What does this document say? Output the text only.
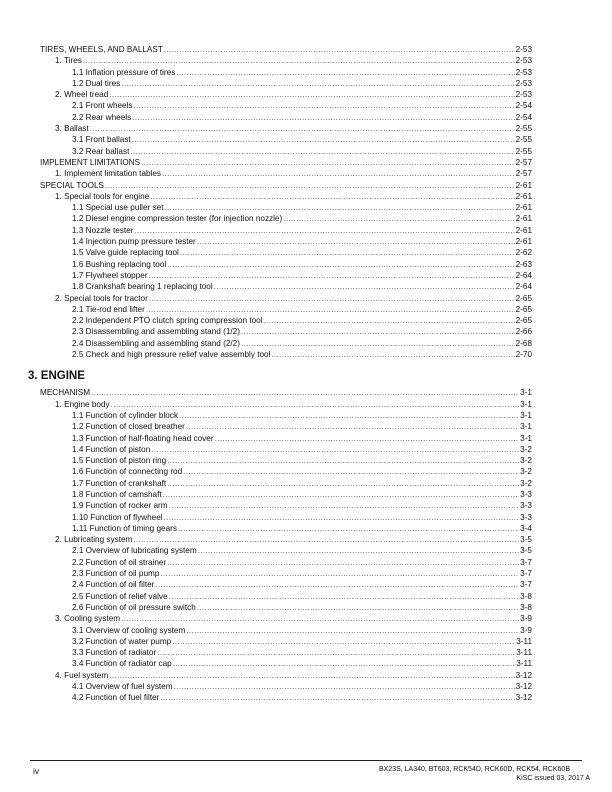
TIRES, WHEELS, AND BALLAST .....	2-53
1. Tires .....	2-53
1.1 Inflation pressure of tires .....	2-53
1.2 Dual tires .....	2-53
2. Wheel tread .....	2-53
2.1 Front wheels .....	2-54
2.2 Rear wheels .....	2-54
3. Ballast .....	2-55
3.1 Front ballast .....	2-55
3.2 Rear ballast .....	2-55
IMPLEMENT LIMITATIONS .....	2-57
1. Implement limitation tables .....	2-57
SPECIAL TOOLS .....	2-61
1. Special tools for engine .....	2-61
1.1 Special use puller set .....	2-61
1.2 Diesel engine compression tester (for injection nozzle) .....	2-61
1.3 Nozzle tester .....	2-61
1.4 Injection pump pressure tester .....	2-61
1.5 Valve guide replacing tool .....	2-62
1.6 Bushing replacing tool .....	2-63
1.7 Flywheel stopper .....	2-64
1.8 Crankshaft bearing 1 replacing tool .....	2-64
2. Special tools for tractor .....	2-65
2.1 Tie-rod end lifter .....	2-65
2.2 Independent PTO clutch spring compression tool .....	2-65
2.3 Disassembling and assembling stand (1/2) .....	2-66
2.4 Disassembling and assembling stand (2/2) .....	2-68
2.5 Check and high pressure relief valve assembly tool .....	2-70
3. ENGINE
MECHANISM .....	3-1
1. Engine body .....	3-1
1.1 Function of cylinder block .....	3-1
1.2 Function of closed breather .....	3-1
1.3 Function of half-floating head cover .....	3-1
1.4 Function of piston .....	3-2
1.5 Function of piston ring .....	3-2
1.6 Function of connecting rod .....	3-2
1.7 Function of crankshaft .....	3-2
1.8 Function of camshaft .....	3-3
1.9 Function of rocker arm .....	3-3
1.10 Function of flywheel .....	3-3
1.11 Function of timing gears .....	3-4
2. Lubricating system .....	3-5
2.1 Overview of lubricating system .....	3-5
2.2 Function of oil strainer .....	3-7
2.3 Function of oil pump .....	3-7
2.4 Function of oil filter .....	3-7
2.5 Function of relief valve .....	3-8
2.6 Function of oil pressure switch .....	3-8
3. Cooling system .....	3-9
3.1 Overview of cooling system .....	3-9
3.2 Function of water pump .....	3-11
3.3 Function of radiator .....	3-11
3.4 Function of radiator cap .....	3-11
4. Fuel system .....	3-12
4.1 Overview of fuel system .....	3-12
4.2 Function of fuel filter .....	3-12
iv	BX23S, LA340, BT603, RCK54D, RCK60D, RCK54, RCK60B
KiSC issued 03, 2017 A
